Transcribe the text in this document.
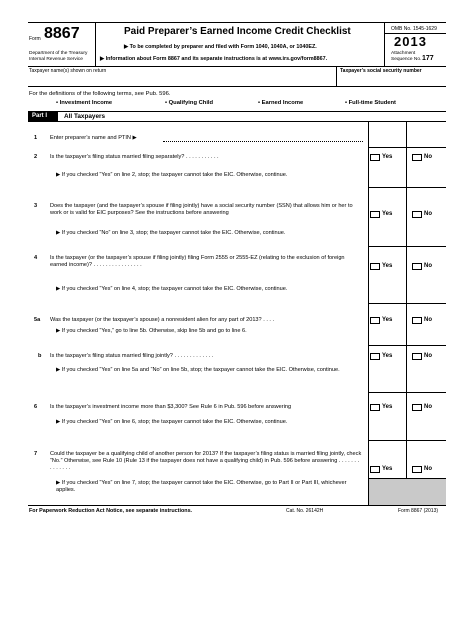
Form 8867
Department of the Treasury
Internal Revenue Service
Paid Preparer’s Earned Income Credit Checklist
▶ To be completed by preparer and filed with Form 1040, 1040A, or 1040EZ.
▶ Information about Form 8867 and its separate instructions is at www.irs.gov/form8867.
OMB No. 1545-1629
2013
Attachment
Sequence No. 177
Taxpayer name(s) shown on return	Taxpayer’s social security number
For the definitions of the following terms, see Pub. 596.
• Investment Income	• Qualifying Child	• Earned Income	• Full-time Student
Part I	All Taxpayers
1	Enter preparer’s name and PTIN ▶
2	Is the taxpayer’s filing status married filing separately? . . . . . . . . . . .	Yes	No
▶ If you checked “Yes” on line 2, stop; the taxpayer cannot take the EIC. Otherwise, continue.
3	Does the taxpayer (and the taxpayer’s spouse if filing jointly) have a social security number (SSN) that allows him or her to work or is valid for EIC purposes? See the instructions before answering	Yes	No
▶ If you checked “No” on line 3, stop; the taxpayer cannot take the EIC. Otherwise, continue.
4	Is the taxpayer (or the taxpayer’s spouse if filing jointly) filing Form 2555 or 2555-EZ (relating to the exclusion of foreign earned income)? . . . . . . . . . . . . . . . .	Yes	No
▶ If you checked “Yes” on line 4, stop; the taxpayer cannot take the EIC. Otherwise, continue.
5a	Was the taxpayer (or the taxpayer’s spouse) a nonresident alien for any part of 2013? . . . .	Yes	No
▶ If you checked “Yes,” go to line 5b. Otherwise, skip line 5b and go to line 6.
b	Is the taxpayer’s filing status married filing jointly? . . . . . . . . . . . . .	Yes	No
▶ If you checked “Yes” on line 5a and “No” on line 5b, stop; the taxpayer cannot take the EIC. Otherwise, continue.
6	Is the taxpayer’s investment income more than $3,300? See Rule 6 in Pub. 596 before answering	Yes	No
▶ If you checked “Yes” on line 6, stop; the taxpayer cannot take the EIC. Otherwise, continue.
7	Could the taxpayer be a qualifying child of another person for 2013? If the taxpayer’s filing status is married filing jointly, check “No.” Otherwise, see Rule 10 (Rule 13 if the taxpayer does not have a qualifying child) in Pub. 596 before answering . . . . . . . . . . . . . .	Yes	No
▶ If you checked “Yes” on line 7, stop; the taxpayer cannot take the EIC. Otherwise, go to Part II or Part III, whichever applies.
For Paperwork Reduction Act Notice, see separate instructions.	Cat. No. 26142H	Form 8867 (2013)
